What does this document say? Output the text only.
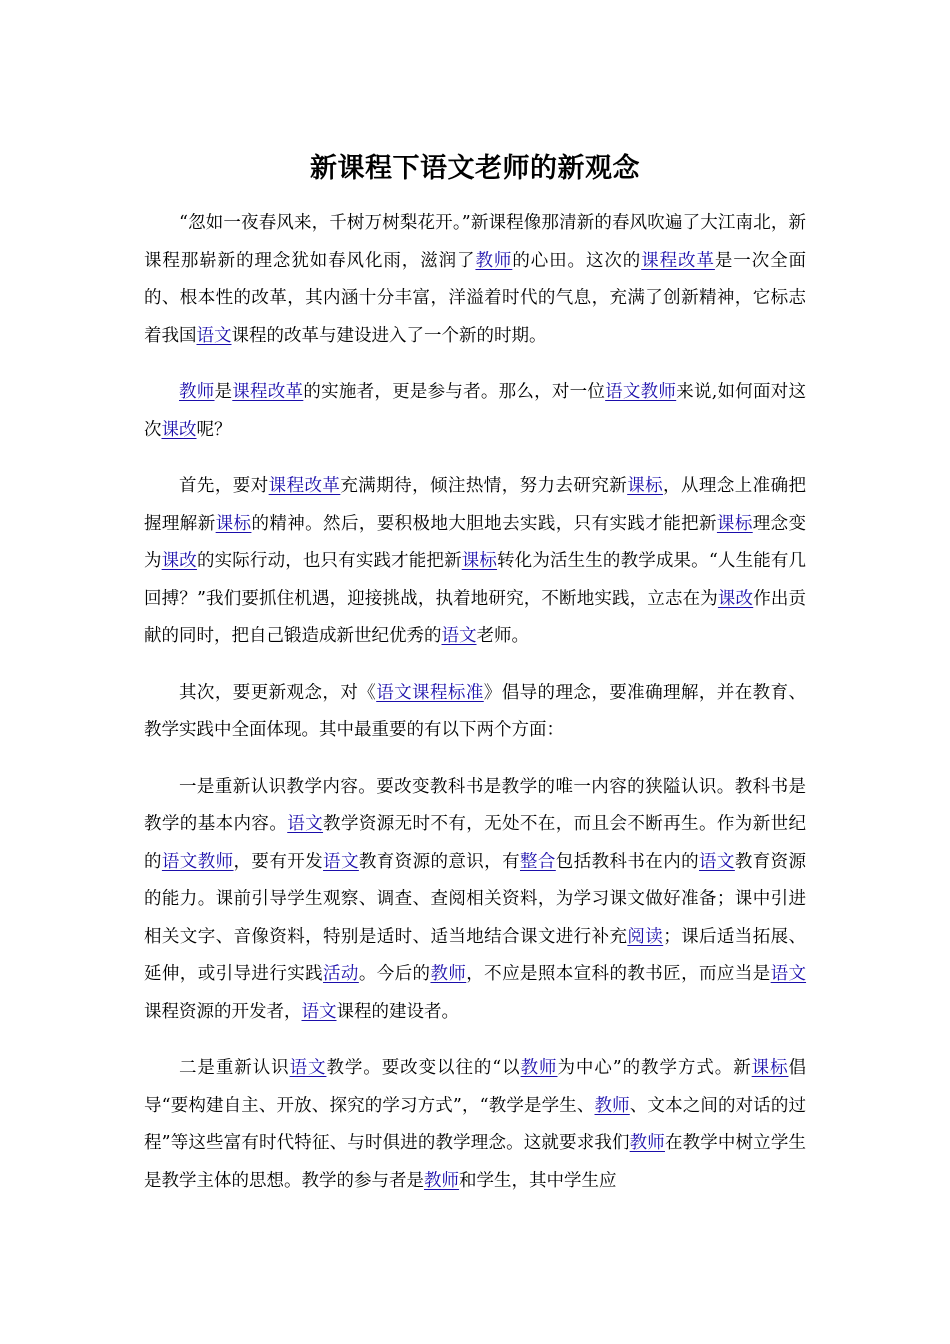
新课程下语文老师的新观念

“忽如一夜春风来，千树万树梨花开。”新课程像那清新的春风吹遍了大江南北，新课程那崭新的理念犹如春风化雨，滋润了教师的心田。这次的课程改革是一次全面的、根本性的改革，其内涵十分丰富，洋溢着时代的气息，充满了创新精神，它标志着我国语文课程的改革与建设进入了一个新的时期。

教师是课程改革的实施者，更是参与者。那么，对一位语文教师来说,如何面对这次课改呢？

首先，要对课程改革充满期待，倾注热情，努力去研究新课标，从理念上准确把握理解新课标的精神。然后，要积极地大胆地去实践，只有实践才能把新课标理念变为课改的实际行动，也只有实践才能把新课标转化为活生生的教学成果。“人生能有几回搏？”我们要抓住机遇，迎接挑战，执着地研究，不断地实践，立志在为课改作出贡献的同时，把自己锻造成新世纪优秀的语文老师。

其次，要更新观念，对《语文课程标准》倡导的理念，要准确理解，并在教育、教学实践中全面体现。其中最重要的有以下两个方面：

一是重新认识教学内容。要改变教科书是教学的唯一内容的狭隘认识。教科书是教学的基本内容。语文教学资源无时不有，无处不在，而且会不断再生。作为新世纪的语文教师，要有开发语文教育资源的意识，有整合包括教科书在内的语文教育资源的能力。课前引导学生观察、调查、查阅相关资料，为学习课文做好准备；课中引进相关文字、音像资料，特别是适时、适当地结合课文进行补充阅读；课后适当拓展、延伸，或引导进行实践活动。今后的教师，不应是照本宣科的教书匠，而应当是语文课程资源的开发者，语文课程的建设者。

二是重新认识语文教学。要改变以往的“以教师为中心”的教学方式。新课标倡导“要构建自主、开放、探究的学习方式”，“教学是学生、教师、文本之间的对话的过程”等这些富有时代特征、与时俱进的教学理念。这就要求我们教师在教学中树立学生是教学主体的思想。教学的参与者是教师和学生，其中学生应
